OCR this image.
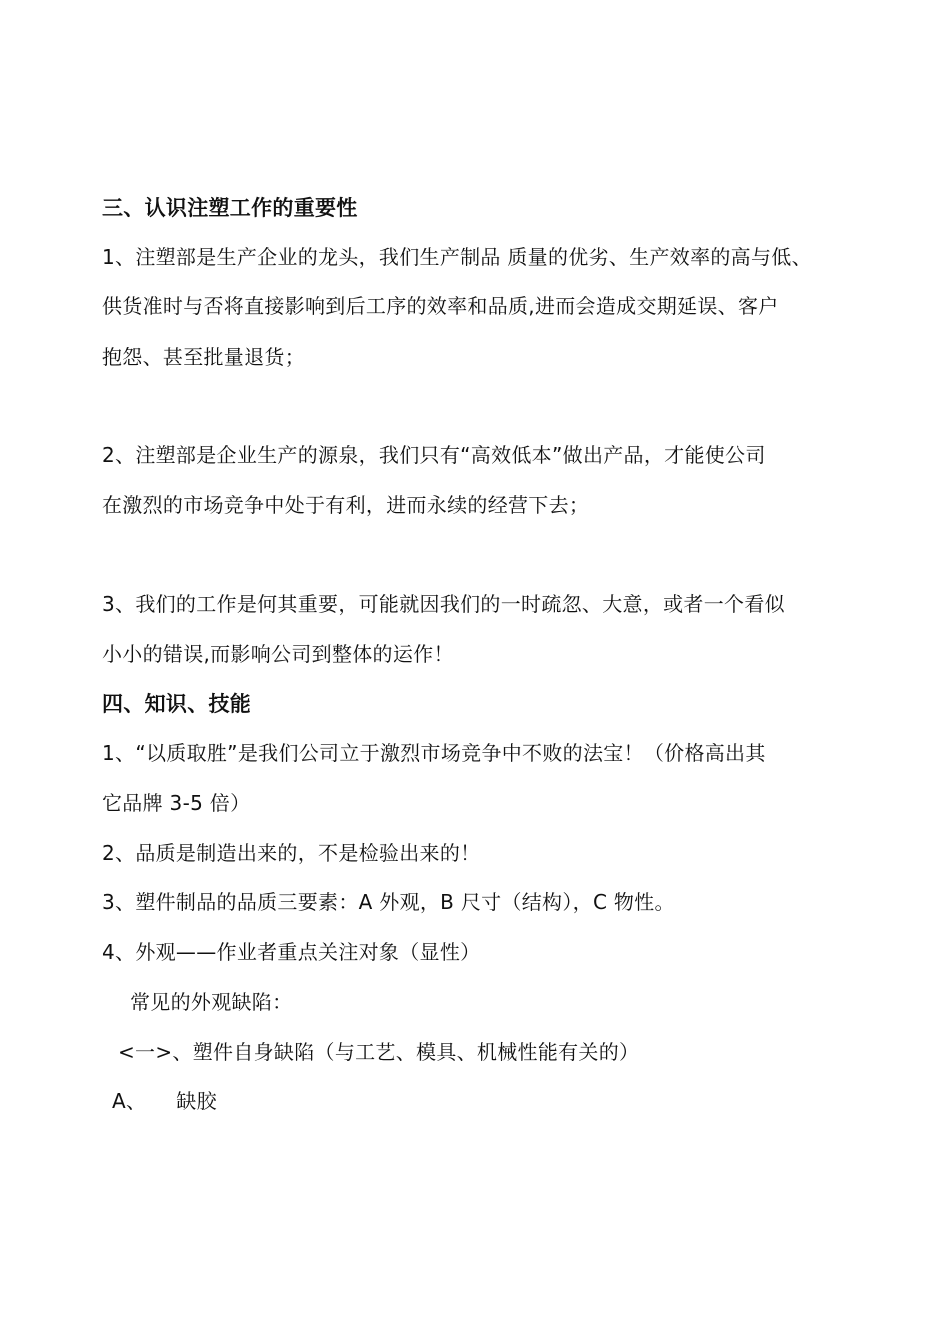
三、认识注塑工作的重要性
1、注塑部是生产企业的龙头，我们生产制品 质量的优劣、生产效率的高与低、
供货准时与否将直接影响到后工序的效率和品质,进而会造成交期延误、客户
抱怨、甚至批量退货；
2、注塑部是企业生产的源泉，我们只有“高效低本”做出产品，才能使公司
在激烈的市场竞争中处于有利，进而永续的经营下去；
3、我们的工作是何其重要，可能就因我们的一时疏忽、大意，或者一个看似
小小的错误,而影响公司到整体的运作！
四、知识、技能
1、“以质取胜”是我们公司立于激烈市场竞争中不败的法宝！（价格高出其
它品牌 3-5 倍）
2、品质是制造出来的，不是检验出来的！
3、塑件制品的品质三要素：A 外观，B 尺寸（结构），C 物性。
4、外观——作业者重点关注对象（显性）
常见的外观缺陷：
<一>、塑件自身缺陷（与工艺、模具、机械性能有关的）
A、 缺胶
